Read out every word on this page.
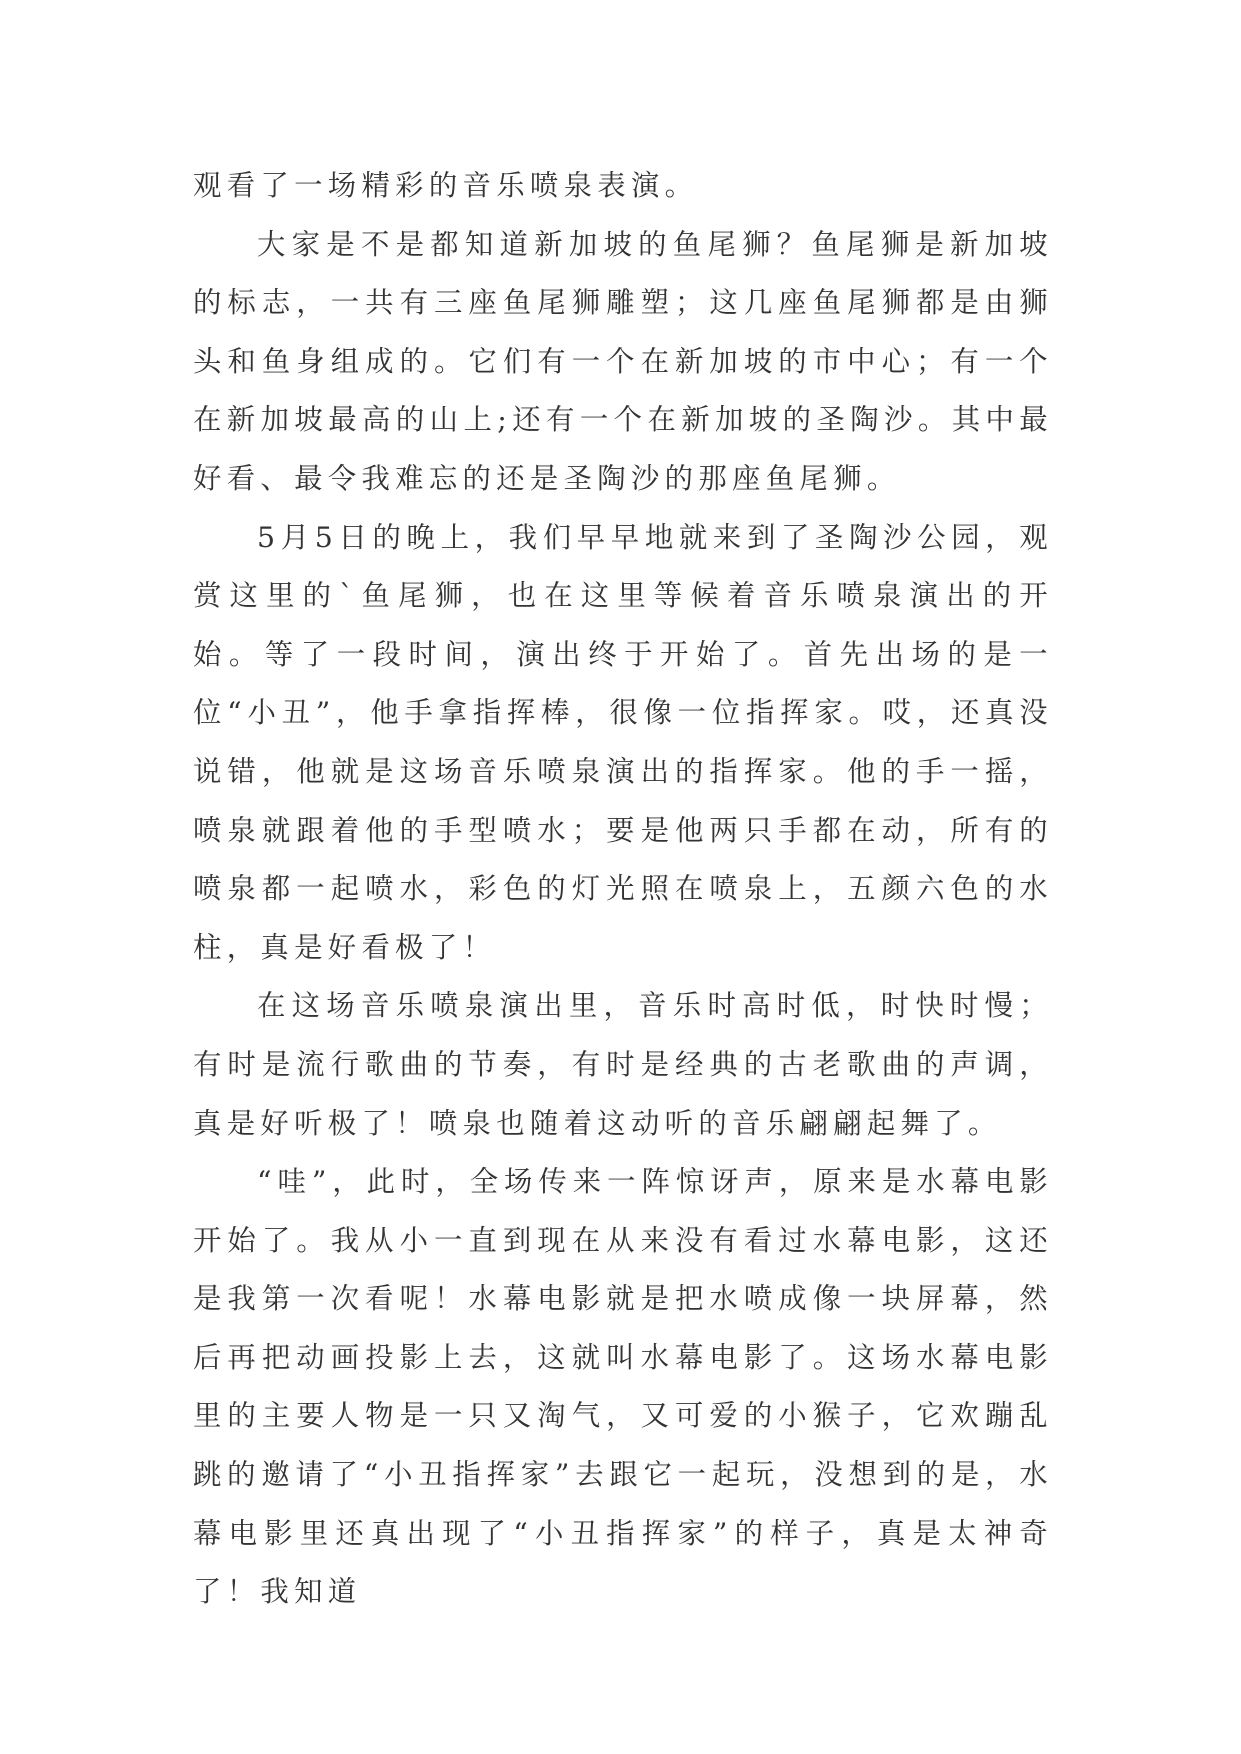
观看了一场精彩的音乐喷泉表演。

大家是不是都知道新加坡的鱼尾狮？鱼尾狮是新加坡的标志，一共有三座鱼尾狮雕塑；这几座鱼尾狮都是由狮头和鱼身组成的。它们有一个在新加坡的市中心；有一个在新加坡最高的山上;还有一个在新加坡的圣陶沙。其中最好看、最令我难忘的还是圣陶沙的那座鱼尾狮。

5月5日的晚上，我们早早地就来到了圣陶沙公园，观赏这里的`鱼尾狮，也在这里等候着音乐喷泉演出的开始。等了一段时间，演出终于开始了。首先出场的是一位“小丑”，他手拿指挥棒，很像一位指挥家。哎，还真没说错，他就是这场音乐喷泉演出的指挥家。他的手一摇，喷泉就跟着他的手型喷水；要是他两只手都在动，所有的喷泉都一起喷水，彩色的灯光照在喷泉上，五颜六色的水柱，真是好看极了！

在这场音乐喷泉演出里，音乐时高时低，时快时慢；有时是流行歌曲的节奏，有时是经典的古老歌曲的声调，真是好听极了！喷泉也随着这动听的音乐翩翩起舞了。

“哇”，此时，全场传来一阵惊讶声，原来是水幕电影开始了。我从小一直到现在从来没有看过水幕电影，这还是我第一次看呢！水幕电影就是把水喷成像一块屏幕，然后再把动画投影上去，这就叫水幕电影了。这场水幕电影里的主要人物是一只又淘气，又可爱的小猴子，它欢蹦乱跳的邀请了“小丑指挥家”去跟它一起玩，没想到的是，水幕电影里还真出现了“小丑指挥家”的样子，真是太神奇了！我知道
